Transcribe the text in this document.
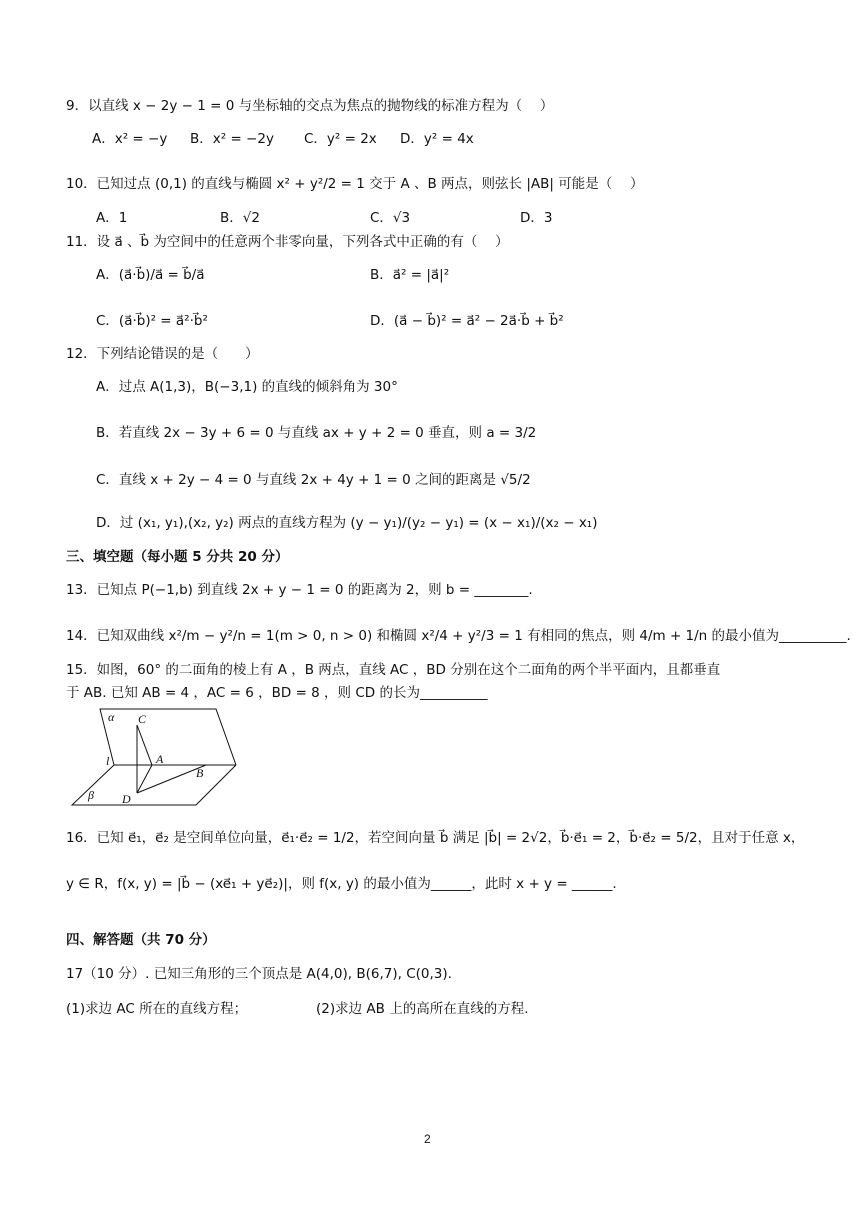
9．以直线 x − 2y − 1 = 0 与坐标轴的交点为焦点的抛物线的标准方程为（　 ）
A．x² = −y B．x² = −2y C．y² = 2x D．y² = 4x
10．已知过点 (0,1) 的直线与椭圆 x² + y²/2 = 1 交于 A 、B 两点，则弦长 |AB| 可能是（　 ）
A．1	B．√2	C．√3	D．3
11．设 a⃗ 、b⃗ 为空间中的任意两个非零向量，下列各式中正确的有（　 ）
A．(a⃗·b⃗)/a⃗ = b⃗/a⃗	B．a⃗² = |a⃗|²
C．(a⃗·b⃗)² = a⃗²·b⃗²	D．(a⃗ − b⃗)² = a⃗² − 2a⃗·b⃗ + b⃗²
12．下列结论错误的是（　　）
A．过点 A(1,3)，B(−3,1) 的直线的倾斜角为 30°
B．若直线 2x − 3y + 6 = 0 与直线 ax + y + 2 = 0 垂直，则 a = 3/2
C．直线 x + 2y − 4 = 0 与直线 2x + 4y + 1 = 0 之间的距离是 √5/2
D．过 (x₁, y₁),(x₂, y₂) 两点的直线方程为 (y − y₁)/(y₂ − y₁) = (x − x₁)/(x₂ − x₁)
三、填空题（每小题 5 分共 20 分）
13．已知点 P(−1,b) 到直线 2x + y − 1 = 0 的距离为 2，则 b = ________.
14．已知双曲线 x²/m − y²/n = 1(m > 0, n > 0) 和椭圆 x²/4 + y²/3 = 1 有相同的焦点，则 4/m + 1/n 的最小值为__________.
15．如图，60° 的二面角的棱上有 A ，B 两点，直线 AC ，BD 分别在这个二面角的两个半平面内，且都垂直
于 AB. 已知 AB = 4 ，AC = 6 ，BD = 8 ，则 CD 的长为__________
α C
A
l
B
β D
16．已知 e⃗₁，e⃗₂ 是空间单位向量，e⃗₁·e⃗₂ = 1/2，若空间向量 b⃗ 满足 |b⃗| = 2√2，b⃗·e⃗₁ = 2，b⃗·e⃗₂ = 5/2，且对于任意 x，
y ∈ R，f(x, y) = |b⃗ − (xe⃗₁ + ye⃗₂)|，则 f(x, y) 的最小值为______，此时 x + y = ______.
四、解答题（共 70 分）
17（10 分）. 已知三角形的三个顶点是 A(4,0), B(6,7), C(0,3).
(1)求边 AC 所在的直线方程；	(2)求边 AB 上的高所在直线的方程.
2
